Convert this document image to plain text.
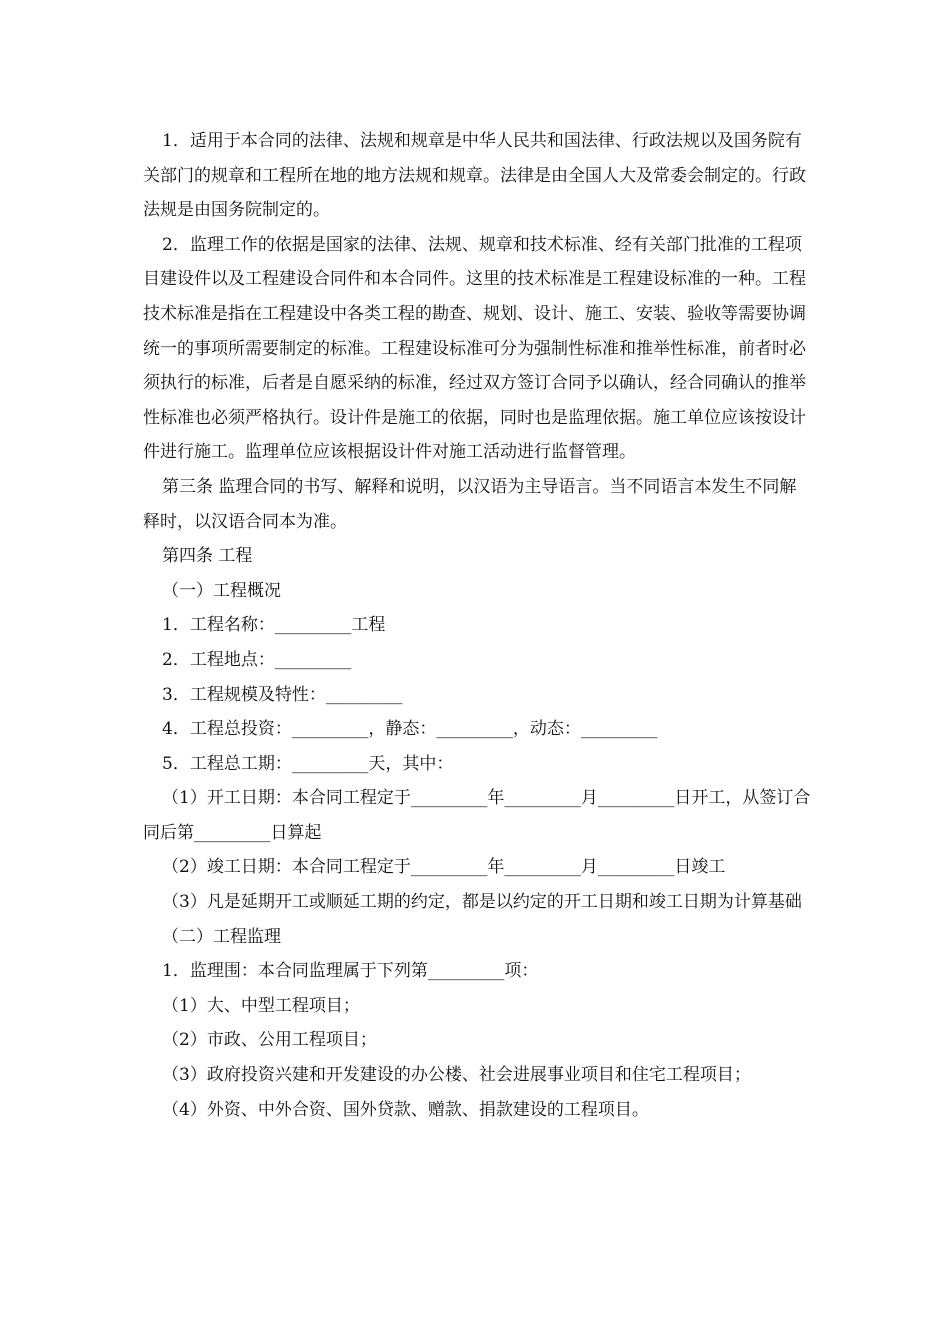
1．适用于本合同的法律、法规和规章是中华人民共和国法律、行政法规以及国务院有关部门的规章和工程所在地的地方法规和规章。法律是由全国人大及常委会制定的。行政法规是由国务院制定的。

2．监理工作的依据是国家的法律、法规、规章和技术标准、经有关部门批准的工程项目建设件以及工程建设合同件和本合同件。这里的技术标准是工程建设标准的一种。工程技术标准是指在工程建设中各类工程的勘查、规划、设计、施工、安装、验收等需要协调统一的事项所需要制定的标准。工程建设标准可分为强制性标准和推举性标准，前者时必须执行的标准，后者是自愿采纳的标准，经过双方签订合同予以确认，经合同确认的推举性标准也必须严格执行。设计件是施工的依据，同时也是监理依据。施工单位应该按设计件进行施工。监理单位应该根据设计件对施工活动进行监督管理。

第三条 监理合同的书写、解释和说明，以汉语为主导语言。当不同语言本发生不同解释时，以汉语合同本为准。

第四条 工程

（一）工程概况

1．工程名称：_________工程

2．工程地点：_________

3．工程规模及特性：_________

4．工程总投资：_________，静态：_________，动态：_________

5．工程总工期：_________天，其中：

（1）开工日期：本合同工程定于_________年_________月_________日开工，从签订合同后第_________日算起

（2）竣工日期：本合同工程定于_________年_________月_________日竣工

（3）凡是延期开工或顺延工期的约定，都是以约定的开工日期和竣工日期为计算基础

（二）工程监理

1．监理围：本合同监理属于下列第_________项：

（1）大、中型工程项目；

（2）市政、公用工程项目；

（3）政府投资兴建和开发建设的办公楼、社会进展事业项目和住宅工程项目；

（4）外资、中外合资、国外贷款、赠款、捐款建设的工程项目。
